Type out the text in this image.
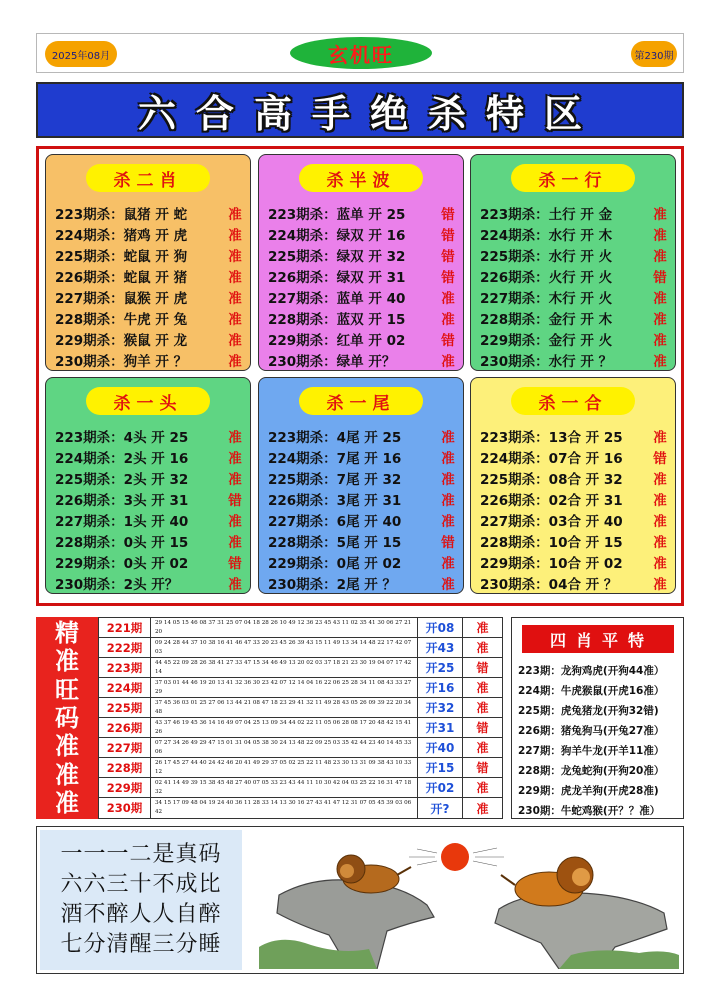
2025年08月	玄机旺	第230期
六合高手绝杀特区
杀二肖
223期杀：鼠猪 开 蛇	准
224期杀：猪鸡 开 虎	准
225期杀：蛇鼠 开 狗	准
226期杀：蛇鼠 开 猪	准
227期杀：鼠猴 开 虎	准
228期杀：牛虎 开 兔	准
229期杀：猴鼠 开 龙	准
230期杀：狗羊 开 ？	准
杀半波
223期杀：蓝单 开 25	错
224期杀：绿双 开 16	错
225期杀：绿双 开 32	错
226期杀：绿双 开 31	错
227期杀：蓝单 开 40	准
228期杀：蓝双 开 15	准
229期杀：红单 开 02	错
230期杀：绿单 开？	准
杀一行
223期杀：土行 开 金	准
224期杀：水行 开 木	准
225期杀：水行 开 火	准
226期杀：火行 开 火	错
227期杀：木行 开 火	准
228期杀：金行 开 木	准
229期杀：金行 开 火	准
230期杀：水行 开 ？	准
杀一头
223期杀：4头 开 25	准
224期杀：2头 开 16	准
225期杀：2头 开 32	准
226期杀：3头 开 31	错
227期杀：1头 开 40	准
228期杀：0头 开 15	准
229期杀：0头 开 02	错
230期杀：2头 开？	准
杀一尾
223期杀：4尾 开 25	准
224期杀：7尾 开 16	准
225期杀：7尾 开 32	准
226期杀：3尾 开 31	准
227期杀：6尾 开 40	准
228期杀：5尾 开 15	错
229期杀：0尾 开 02	准
230期杀：2尾 开 ？	准
杀一合
223期杀：13合 开 25	准
224期杀：07合 开 16	错
225期杀：08合 开 32	准
226期杀：02合 开 31	准
227期杀：03合 开 40	准
228期杀：10合 开 15	准
229期杀：10合 开 02	准
230期杀：04合 开 ？	准
精
准
旺
码
准
准
准
221期	29 14 05 15 46 08 37 31 25 07 04 18 28 26 10 49 12 36 23 45 43 11 02 35 41 30 06 27 21 20	开08	准
222期	09 24 28 44 37 10 38 16 41 46 47 33 20 23 45 26 39 43 15 11 49 13 34 14 48 22 17 42 07 03	开43	准
223期	44 45 22 09 28 26 38 41 27 33 47 15 34 46 49 13 20 02 03 37 18 21 23 30 19 04 07 17 42 14	开25	错
224期	37 03 01 44 46 19 20 13 41 32 36 30 23 42 07 12 14 04 16 22 06 25 28 34 11 08 43 33 27 29	开16	准
225期	37 45 36 03 01 25 27 06 13 44 21 08 47 18 23 29 41 32 11 49 28 43 05 26 09 39 22 20 34 48	开32	准
226期	43 37 46 19 45 36 14 16 49 07 04 25 13 09 34 44 02 22 11 05 06 28 08 17 20 48 42 15 41 26	开31	错
227期	07 27 34 26 49 29 47 15 01 31 04 05 38 30 24 13 48 22 09 25 03 35 42 44 23 40 14 45 33 06	开40	准
228期	26 17 45 27 44 40 24 42 46 20 41 49 29 37 05 02 25 22 11 48 23 30 13 31 09 38 43 10 33 12	开15	错
229期	02 41 14 49 39 15 38 45 48 27 40 07 05 33 23 43 44 11 10 30 42 04 03 25 22 16 31 47 18 32	开02	准
230期	34 15 17 09 48 04 19 24 40 36 11 28 33 14 13 30 16 27 43 41 47 12 31 07 05 45 39 03 06 42	开?	准
四肖平特
223期：龙狗鸡虎(开狗44准）
224期：牛虎猴鼠(开虎16准）
225期：虎兔猪龙(开狗32错)
226期：猪兔狗马(开兔27准）
227期：狗羊牛龙(开羊11准）
228期：龙兔蛇狗(开狗20准）
229期：虎龙羊狗(开虎28准)
230期：牛蛇鸡猴(开？？准）
一一一二是真码
六六三十不成比
酒不醉人人自醉
七分清醒三分睡
